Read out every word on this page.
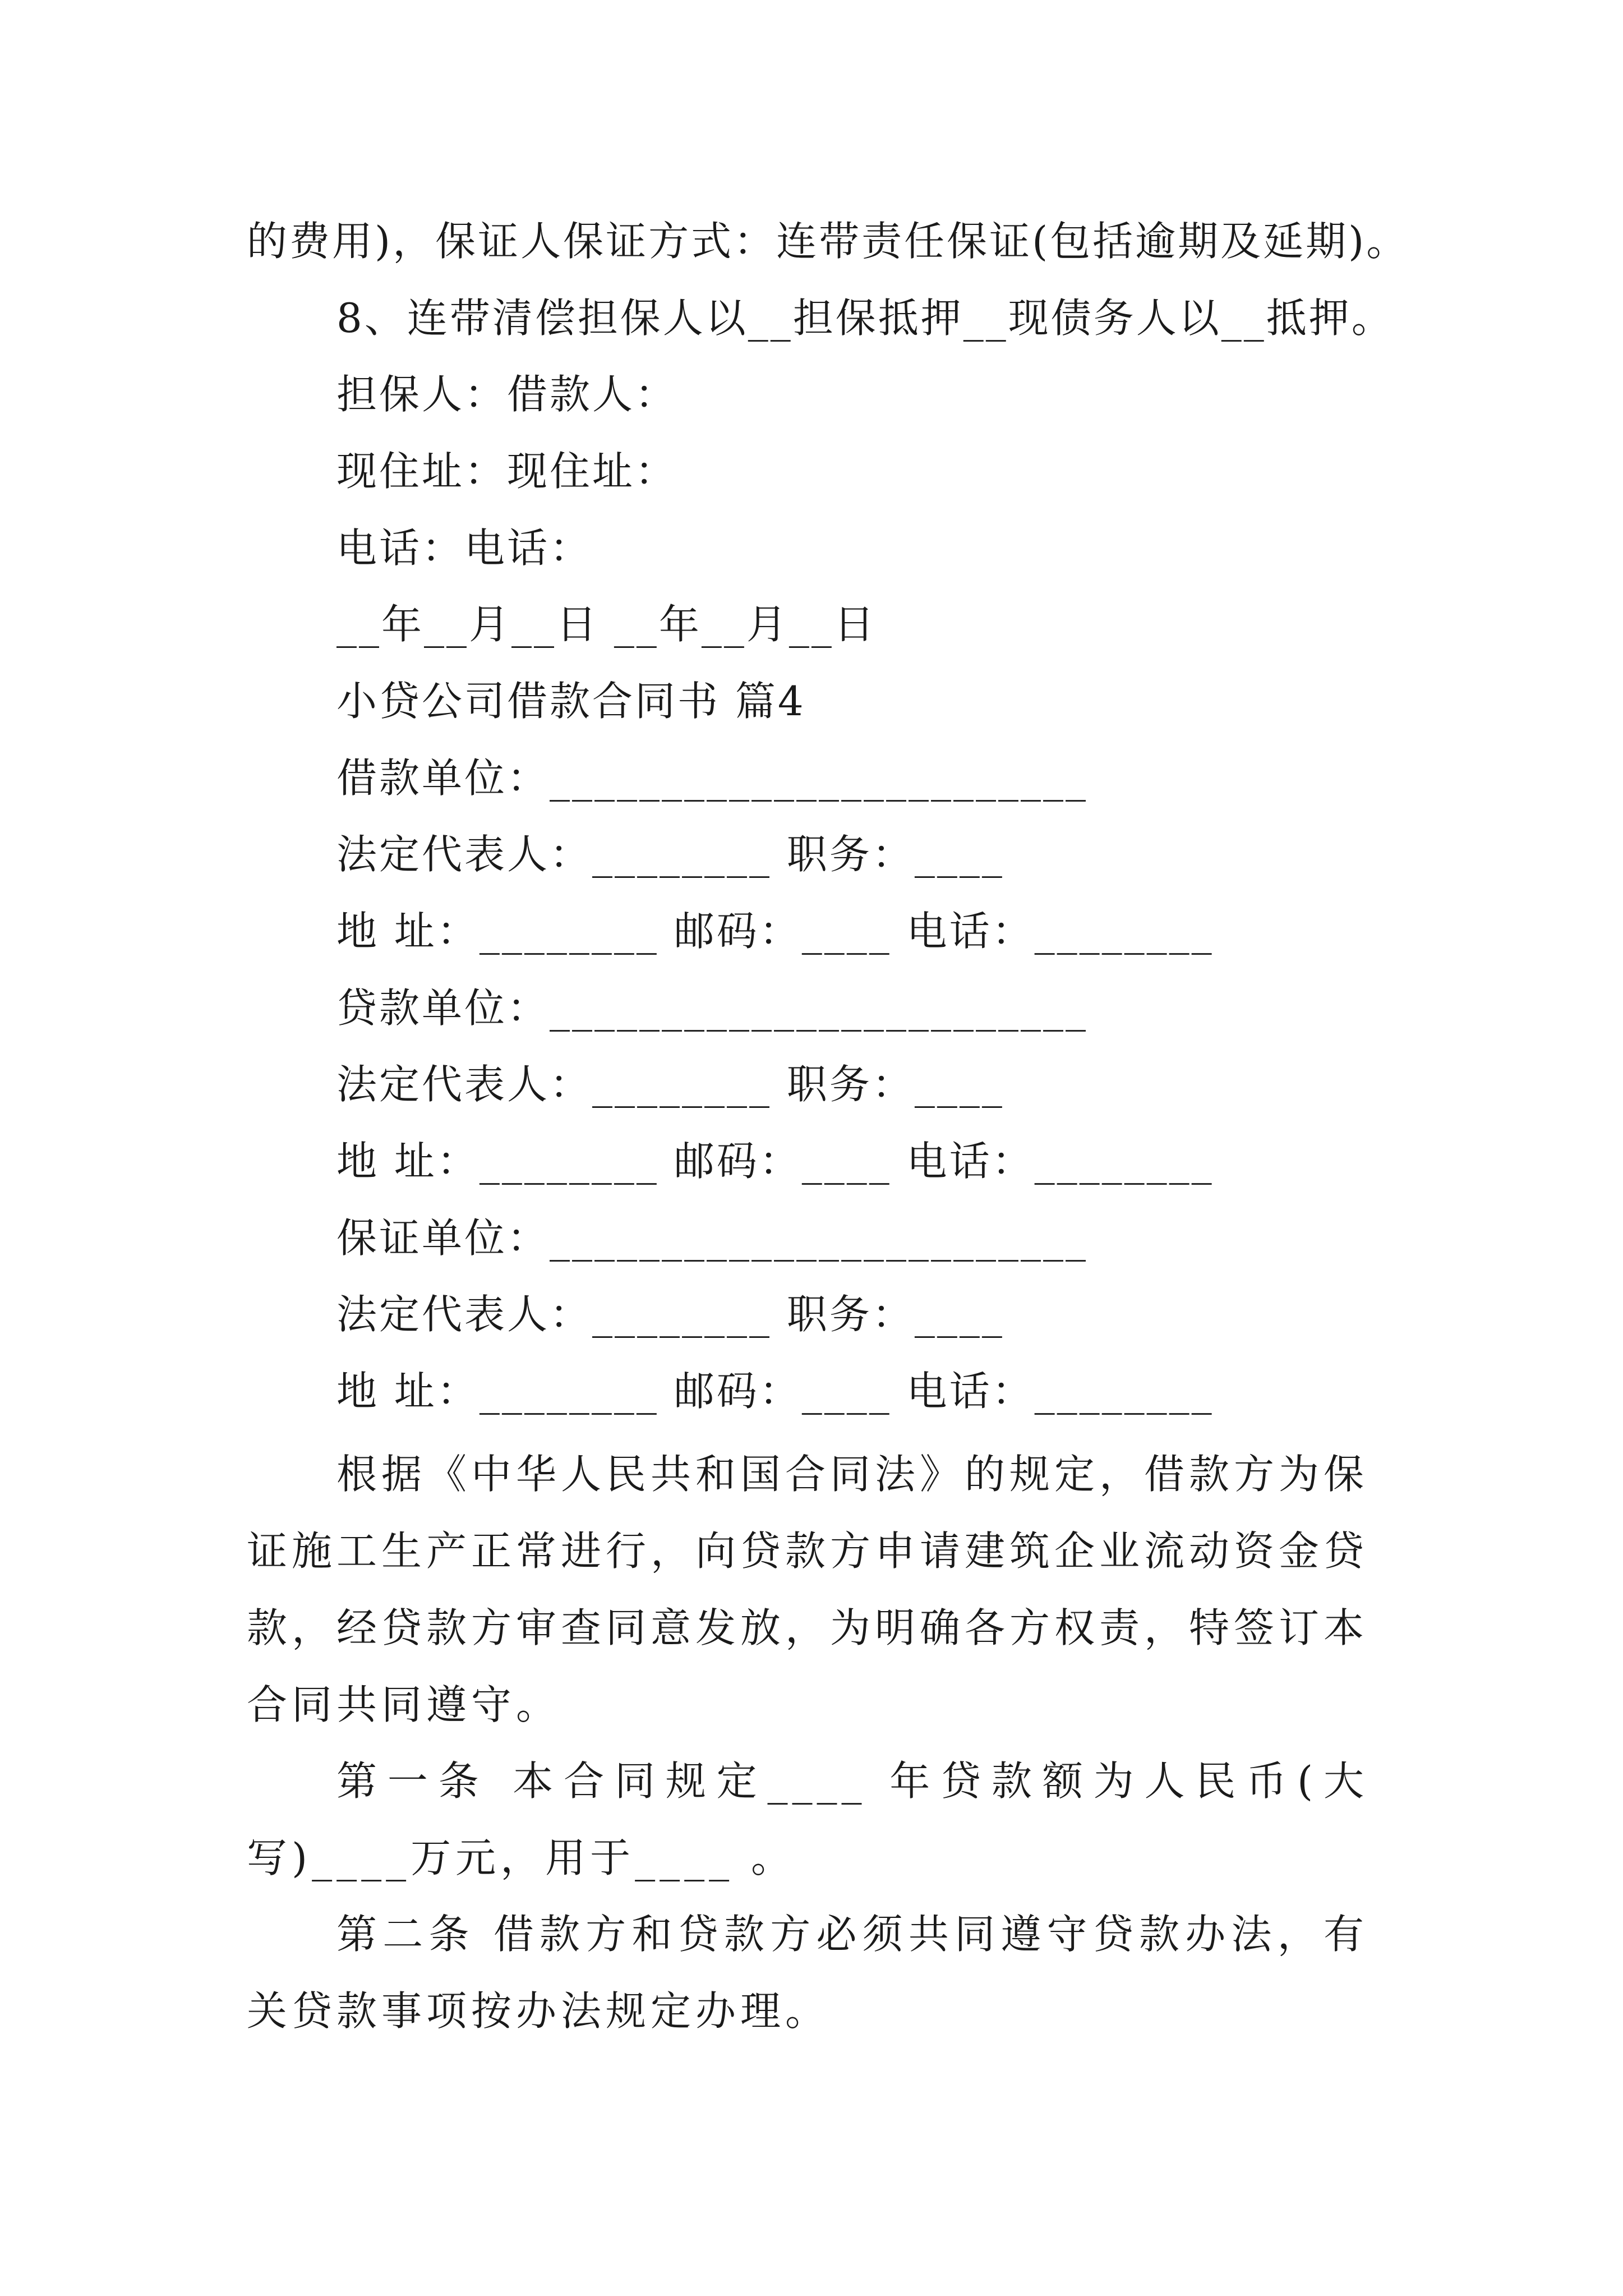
的费用)，保证人保证方式：连带责任保证(包括逾期及延期)。
8、连带清偿担保人以__担保抵押__现债务人以__抵押。
担保人：借款人：
现住址：现住址：
电话：电话：
__年__月__日 __年__月__日
小贷公司借款合同书 篇4
借款单位：________________________
法定代表人：________ 职务：____
地 址：________ 邮码：____ 电话：________
贷款单位：________________________
法定代表人：________ 职务：____
地 址：________ 邮码：____ 电话：________
保证单位：________________________
法定代表人：________ 职务：____
地 址：________ 邮码：____ 电话：________
根据《中华人民共和国合同法》的规定，借款方为保证施工生产正常进行，向贷款方申请建筑企业流动资金贷款，经贷款方审查同意发放，为明确各方权责，特签订本合同共同遵守。
第一条 本合同规定____ 年贷款额为人民币(大写)____万元，用于____ 。
第二条 借款方和贷款方必须共同遵守贷款办法，有关贷款事项按办法规定办理。
